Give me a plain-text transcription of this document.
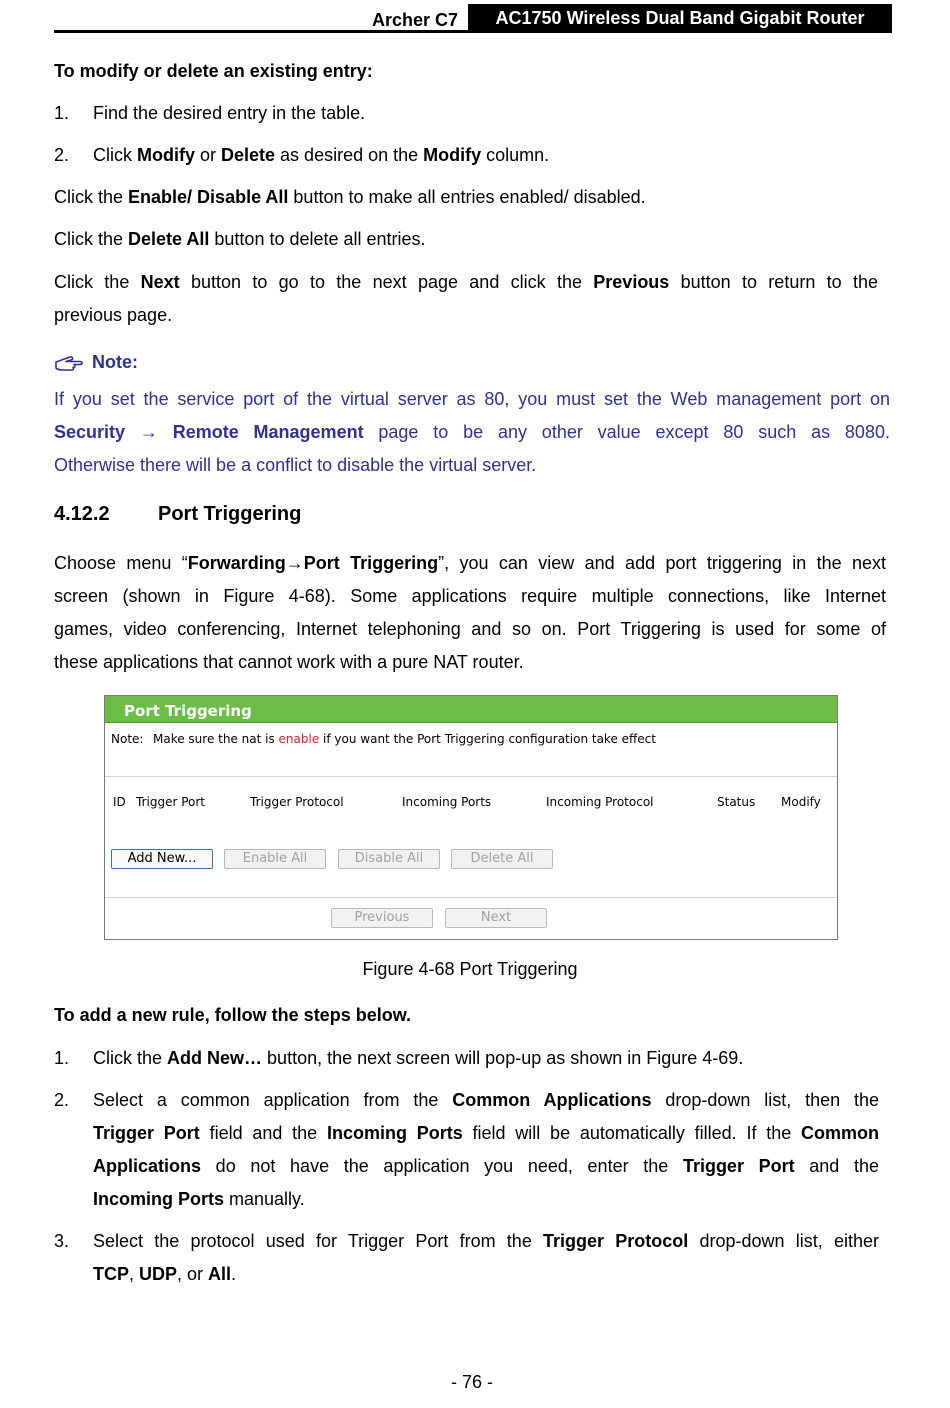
Archer C7	AC1750 Wireless Dual Band Gigabit Router
To modify or delete an existing entry:
1. Find the desired entry in the table.
2. Click Modify or Delete as desired on the Modify column.
Click the Enable/ Disable All button to make all entries enabled/ disabled.
Click the Delete All button to delete all entries.
Click the Next button to go to the next page and click the Previous button to return to the
previous page.
Note:
If you set the service port of the virtual server as 80, you must set the Web management port on
Security → Remote Management page to be any other value except 80 such as 8080.
Otherwise there will be a conflict to disable the virtual server.
4.12.2 Port Triggering
Choose menu “Forwarding→Port Triggering”, you can view and add port triggering in the next
screen (shown in Figure 4-68). Some applications require multiple connections, like Internet
games, video conferencing, Internet telephoning and so on. Port Triggering is used for some of
these applications that cannot work with a pure NAT router.
Port Triggering
Note: Make sure the nat is enable if you want the Port Triggering configuration take effect
ID Trigger Port	Trigger Protocol	Incoming Ports	Incoming Protocol	Status Modify
Add New...	Enable All	Disable All	Delete All
Previous	Next
Figure 4-68 Port Triggering
To add a new rule, follow the steps below.
1. Click the Add New… button, the next screen will pop-up as shown in Figure 4-69.
2. Select a common application from the Common Applications drop-down list, then the
Trigger Port field and the Incoming Ports field will be automatically filled. If the Common
Applications do not have the application you need, enter the Trigger Port and the
Incoming Ports manually.
3. Select the protocol used for Trigger Port from the Trigger Protocol drop-down list, either
TCP, UDP, or All.
- 76 -
